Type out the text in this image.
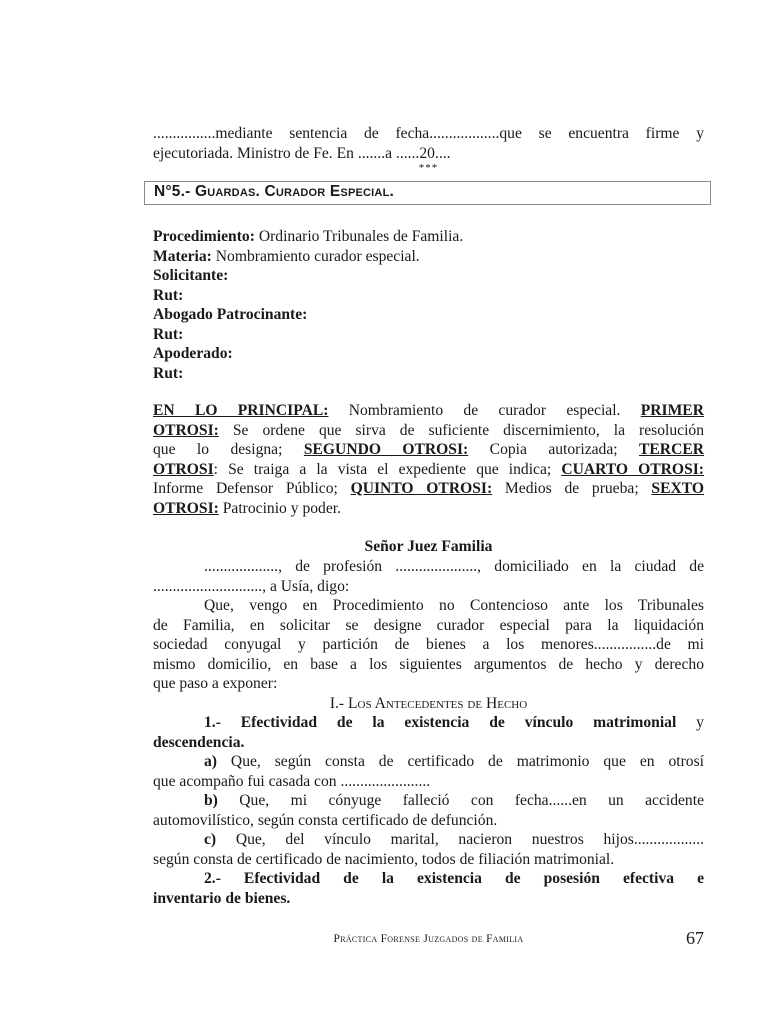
................mediante sentencia de fecha..................que se encuentra firme y
ejecutoriada. Ministro de Fe. En .......a ......20....
***
N°5.- Guardas. Curador Especial.
Procedimiento: Ordinario Tribunales de Familia.
Materia: Nombramiento curador especial.
Solicitante:
Rut:
Abogado Patrocinante:
Rut:
Apoderado:
Rut:
EN LO PRINCIPAL: Nombramiento de curador especial. PRIMER
OTROSI: Se ordene que sirva de suficiente discernimiento, la resolución
que lo designa; SEGUNDO OTROSI: Copia autorizada; TERCER
OTROSI: Se traiga a la vista el expediente que indica; CUARTO OTROSI:
Informe Defensor Público; QUINTO OTROSI: Medios de prueba; SEXTO
OTROSI: Patrocinio y poder.
Señor Juez Familia
..................., de profesión ....................., domiciliado en la ciudad de
............................, a Usía, digo:
Que, vengo en Procedimiento no Contencioso ante los Tribunales
de Familia, en solicitar se designe curador especial para la liquidación
sociedad conyugal y partición de bienes a los menores................de mi
mismo domicilio, en base a los siguientes argumentos de hecho y derecho
que paso a exponer:
I.- Los Antecedentes de Hecho
1.- Efectividad de la existencia de vínculo matrimonial y
descendencia.
a) Que, según consta de certificado de matrimonio que en otrosí
que acompaño fui casada con .......................
b) Que, mi cónyuge falleció con fecha......en un accidente
automovilístico, según consta certificado de defunción.
c) Que, del vínculo marital, nacieron nuestros hijos..................
según consta de certificado de nacimiento, todos de filiación matrimonial.
2.- Efectividad de la existencia de posesión efectiva e
inventario de bienes.
Práctica Forense Juzgados de Familia	67
